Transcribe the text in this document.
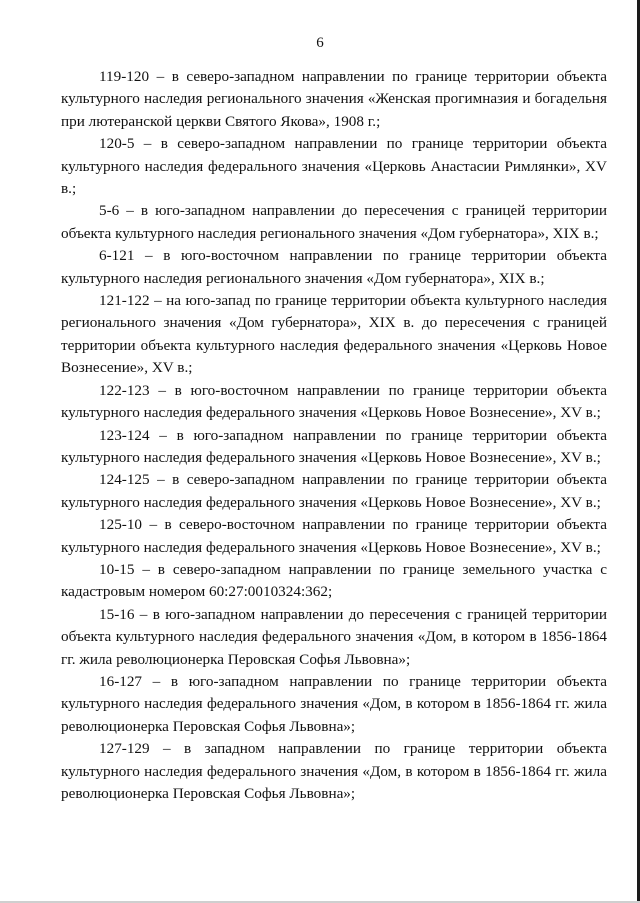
6

119-120 – в северо-западном направлении по границе территории объекта культурного наследия регионального значения «Женская прогимназия и богадельня при лютеранской церкви Святого Якова», 1908 г.;

120-5 – в северо-западном направлении по границе территории объекта культурного наследия федерального значения «Церковь Анастасии Римлянки», XV в.;

5-6 – в юго-западном направлении до пересечения с границей территории объекта культурного наследия регионального значения «Дом губернатора», XIX в.;

6-121 – в юго-восточном направлении по границе территории объекта культурного наследия регионального значения «Дом губернатора», XIX в.;

121-122 – на юго-запад по границе территории объекта культурного наследия регионального значения «Дом губернатора», XIX в. до пересечения с границей территории объекта культурного наследия федерального значения «Церковь Новое Вознесение», XV в.;

122-123 – в юго-восточном направлении по границе территории объекта культурного наследия федерального значения «Церковь Новое Вознесение», XV в.;

123-124 – в юго-западном направлении по границе территории объекта культурного наследия федерального значения «Церковь Новое Вознесение», XV в.;

124-125 – в северо-западном направлении по границе территории объекта культурного наследия федерального значения «Церковь Новое Вознесение», XV в.;

125-10 – в северо-восточном направлении по границе территории объекта культурного наследия федерального значения «Церковь Новое Вознесение», XV в.;

10-15 – в северо-западном направлении по границе земельного участка с кадастровым номером 60:27:0010324:362;

15-16 – в юго-западном направлении до пересечения с границей территории объекта культурного наследия федерального значения «Дом, в котором в 1856-1864 гг. жила революционерка Перовская Софья Львовна»;

16-127 – в юго-западном направлении по границе территории объекта культурного наследия федерального значения «Дом, в котором в 1856-1864 гг. жила революционерка Перовская Софья Львовна»;

127-129 – в западном направлении по границе территории объекта культурного наследия федерального значения «Дом, в котором в 1856-1864 гг. жила революционерка Перовская Софья Львовна»;
